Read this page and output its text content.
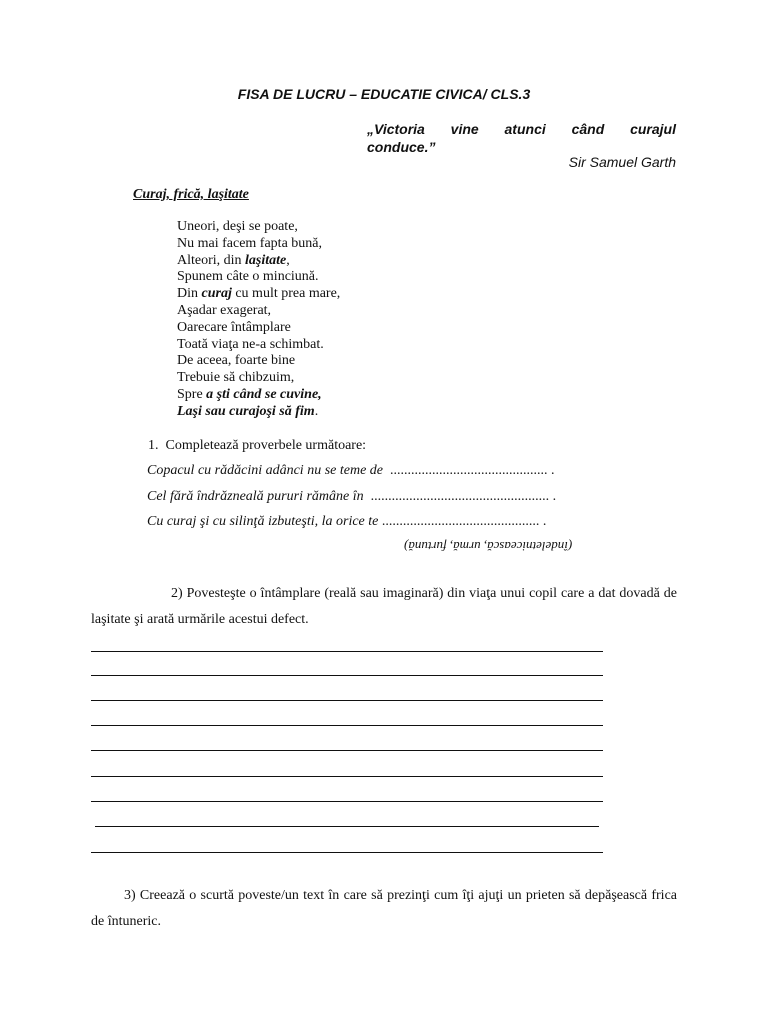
FISA DE LUCRU – EDUCATIE CIVICA/ CLS.3
„Victoria vine atunci când curajul conduce.”
Sir Samuel Garth
Curaj, frică, laşitate
Uneori, deşi se poate,
Nu mai facem fapta bună,
Alteori, din laşitate,
Spunem câte o minciună.
Din curaj cu mult prea mare,
Aşadar exagerat,
Oarecare întâmplare
Toată viaţa ne-a schimbat.
De aceea, foarte bine
Trebuie să chibzuim,
Spre a şti când se cuvine,
Laşi sau curajoşi să fim.
1. Completează proverbele următoare:
Copacul cu rădăcini adânci nu se teme de ............................................. .
Cel fără îndrăzneală pururi rămâne în ................................................... .
Cu curaj şi cu silinţă izbuteşti, la orice te ............................................. .
(îndeletnicească, urmă, furtună)
2) Povesteşte o întâmplare (reală sau imaginară) din viaţa unui copil care a dat dovadă de laşitate şi arată urmările acestui defect.
3) Creează o scurtă poveste/un text în care să prezinţi cum îţi ajuţi un prieten să depăşească frica de întuneric.
